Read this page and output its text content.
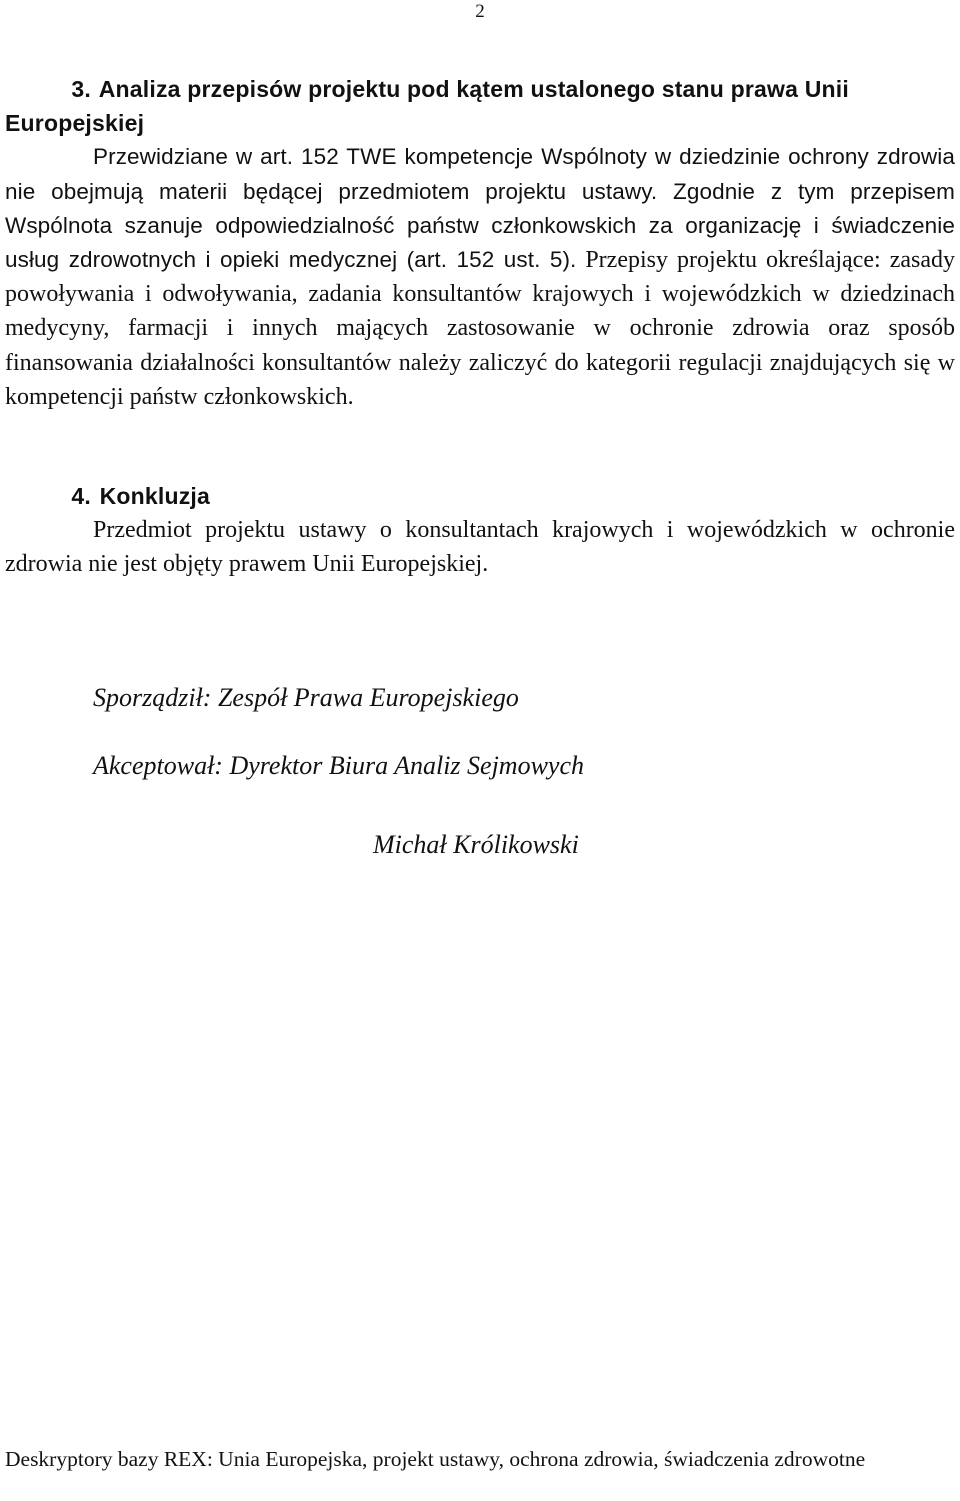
2

3. Analiza przepisów projektu pod kątem ustalonego stanu prawa Unii Europejskiej

Przewidziane w art. 152 TWE kompetencje Wspólnoty w dziedzinie ochrony zdrowia nie obejmują materii będącej przedmiotem projektu ustawy. Zgodnie z tym przepisem Wspólnota szanuje odpowiedzialność państw członkowskich za organizację i świadczenie usług zdrowotnych i opieki medycznej (art. 152 ust. 5). Przepisy projektu określające: zasady powoływania i odwoływania, zadania konsultantów krajowych i wojewódzkich w dziedzinach medycyny, farmacji i innych mających zastosowanie w ochronie zdrowia oraz sposób finansowania działalności konsultantów należy zaliczyć do kategorii regulacji znajdujących się w kompetencji państw członkowskich.

4. Konkluzja

Przedmiot projektu ustawy o konsultantach krajowych i wojewódzkich w ochronie zdrowia nie jest objęty prawem Unii Europejskiej.

Sporządził: Zespół Prawa Europejskiego
Akceptował: Dyrektor Biura Analiz Sejmowych
Michał Królikowski
Deskryptory bazy REX: Unia Europejska, projekt ustawy, ochrona zdrowia, świadczenia zdrowotne
